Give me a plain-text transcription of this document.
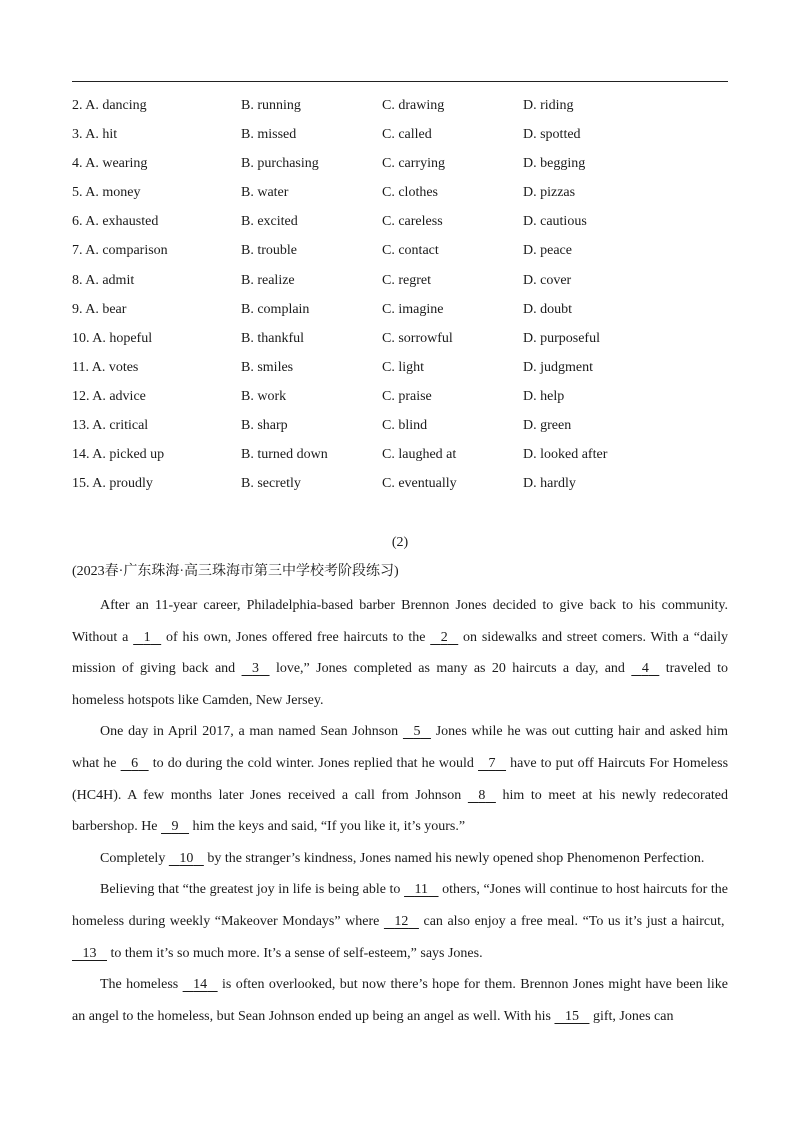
2. A. dancing	B. running	C. drawing	D. riding
3. A. hit	B. missed	C. called	D. spotted
4. A. wearing	B. purchasing	C. carrying	D. begging
5. A. money	B. water	C. clothes	D. pizzas
6. A. exhausted	B. excited	C. careless	D. cautious
7. A. comparison	B. trouble	C. contact	D. peace
8. A. admit	B. realize	C. regret	D. cover
9. A. bear	B. complain	C. imagine	D. doubt
10. A. hopeful	B. thankful	C. sorrowful	D. purposeful
11. A. votes	B. smiles	C. light	D. judgment
12. A. advice	B. work	C. praise	D. help
13. A. critical	B. sharp	C. blind	D. green
14. A. picked up	B. turned down	C. laughed at	D. looked after
15. A. proudly	B. secretly	C. eventually	D. hardly
(2)
(2023春·广东珠海·高三珠海市第三中学校考阶段练习)

After an 11-year career, Philadelphia-based barber Brennon Jones decided to give back to his community. Without a 1 of his own, Jones offered free haircuts to the 2 on sidewalks and street comers. With a “daily mission of giving back and 3 love,” Jones completed as many as 20 haircuts a day, and 4 traveled to homeless hotspots like Camden, New Jersey.

One day in April 2017, a man named Sean Johnson 5 Jones while he was out cutting hair and asked him what he 6 to do during the cold winter. Jones replied that he would 7 have to put off Haircuts For Homeless (HC4H). A few months later Jones received a call from Johnson 8 him to meet at his newly redecorated barbershop. He 9 him the keys and said, “If you like it, it’s yours.”

Completely 10 by the stranger’s kindness, Jones named his newly opened shop Phenomenon Perfection.

Believing that “the greatest joy in life is being able to 11 others, “Jones will continue to host haircuts for the homeless during weekly “Makeover Mondays” where 12 can also enjoy a free meal. “To us it’s just a haircut, 13 to them it’s so much more. It’s a sense of self-esteem,” says Jones.

The homeless 14 is often overlooked, but now there’s hope for them. Brennon Jones might have been like an angel to the homeless, but Sean Johnson ended up being an angel as well. With his 15 gift, Jones can
